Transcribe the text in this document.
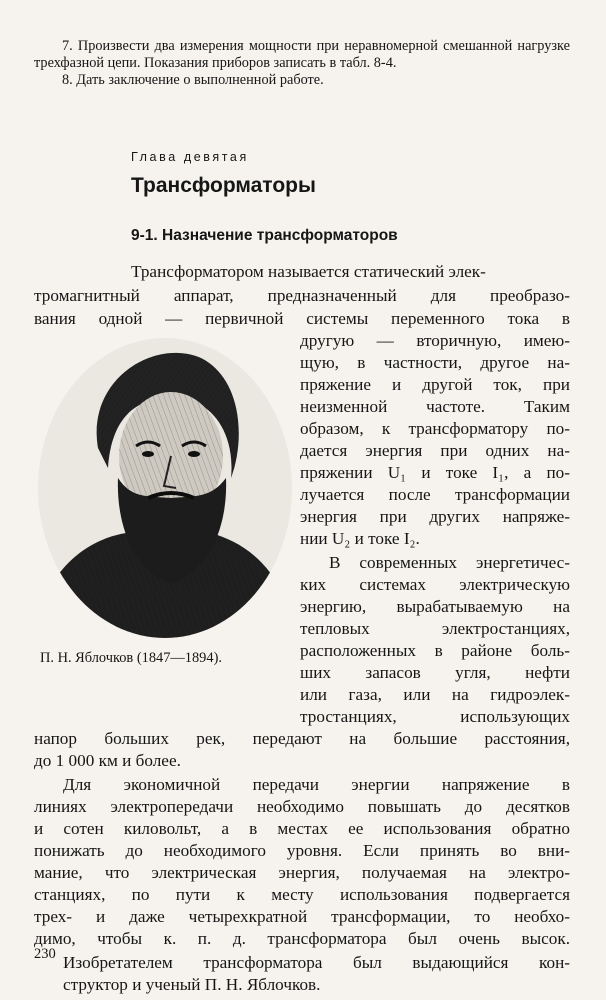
7. Произвести два измерения мощности при неравномерной смешанной нагрузке трехфазной цепи. Показания приборов записать в табл. 8-4.

8. Дать заключение о выполненной работе.

Глава девятая
Трансформаторы
9-1. Назначение трансформаторов
Трансформатором называется статический элек-
тромагнитный аппарат, предназначенный для преобразо-
вания одной — первичной системы переменного тока в
другую — вторичную, имею-
щую, в частности, другое на-
пряжение и другой ток, при
неизменной частоте. Таким
образом, к трансформатору по-
дается энергия при одних на-
пряжении U₁ и токе I₁, а по-
лучается после трансформации
энергия при других напряже-
нии U₂ и токе I₂.
В современных энергетичес-
ких системах электрическую
энергию, вырабатываемую на
тепловых электростанциях,
расположенных в районе боль-
ших запасов угля, нефти
или газа, или на гидроэлек-
тростанциях, использующих
напор больших рек, передают на большие расстояния,
до 1 000 км и более.
Для экономичной передачи энергии напряжение в
линиях электропередачи необходимо повышать до десятков
и сотен киловольт, а в местах ее использования обратно
понижать до необходимого уровня. Если принять во вни-
мание, что электрическая энергия, получаемая на электро-
станциях, по пути к месту использования подвергается
трех- и даже четырехкратной трансформации, то необхо-
димо, чтобы к. п. д. трансформатора был очень высок.
Изобретателем трансформатора был выдающийся кон-
структор и ученый П. Н. Яблочков.
П. Н. Яблочков (1847—1894).
230
